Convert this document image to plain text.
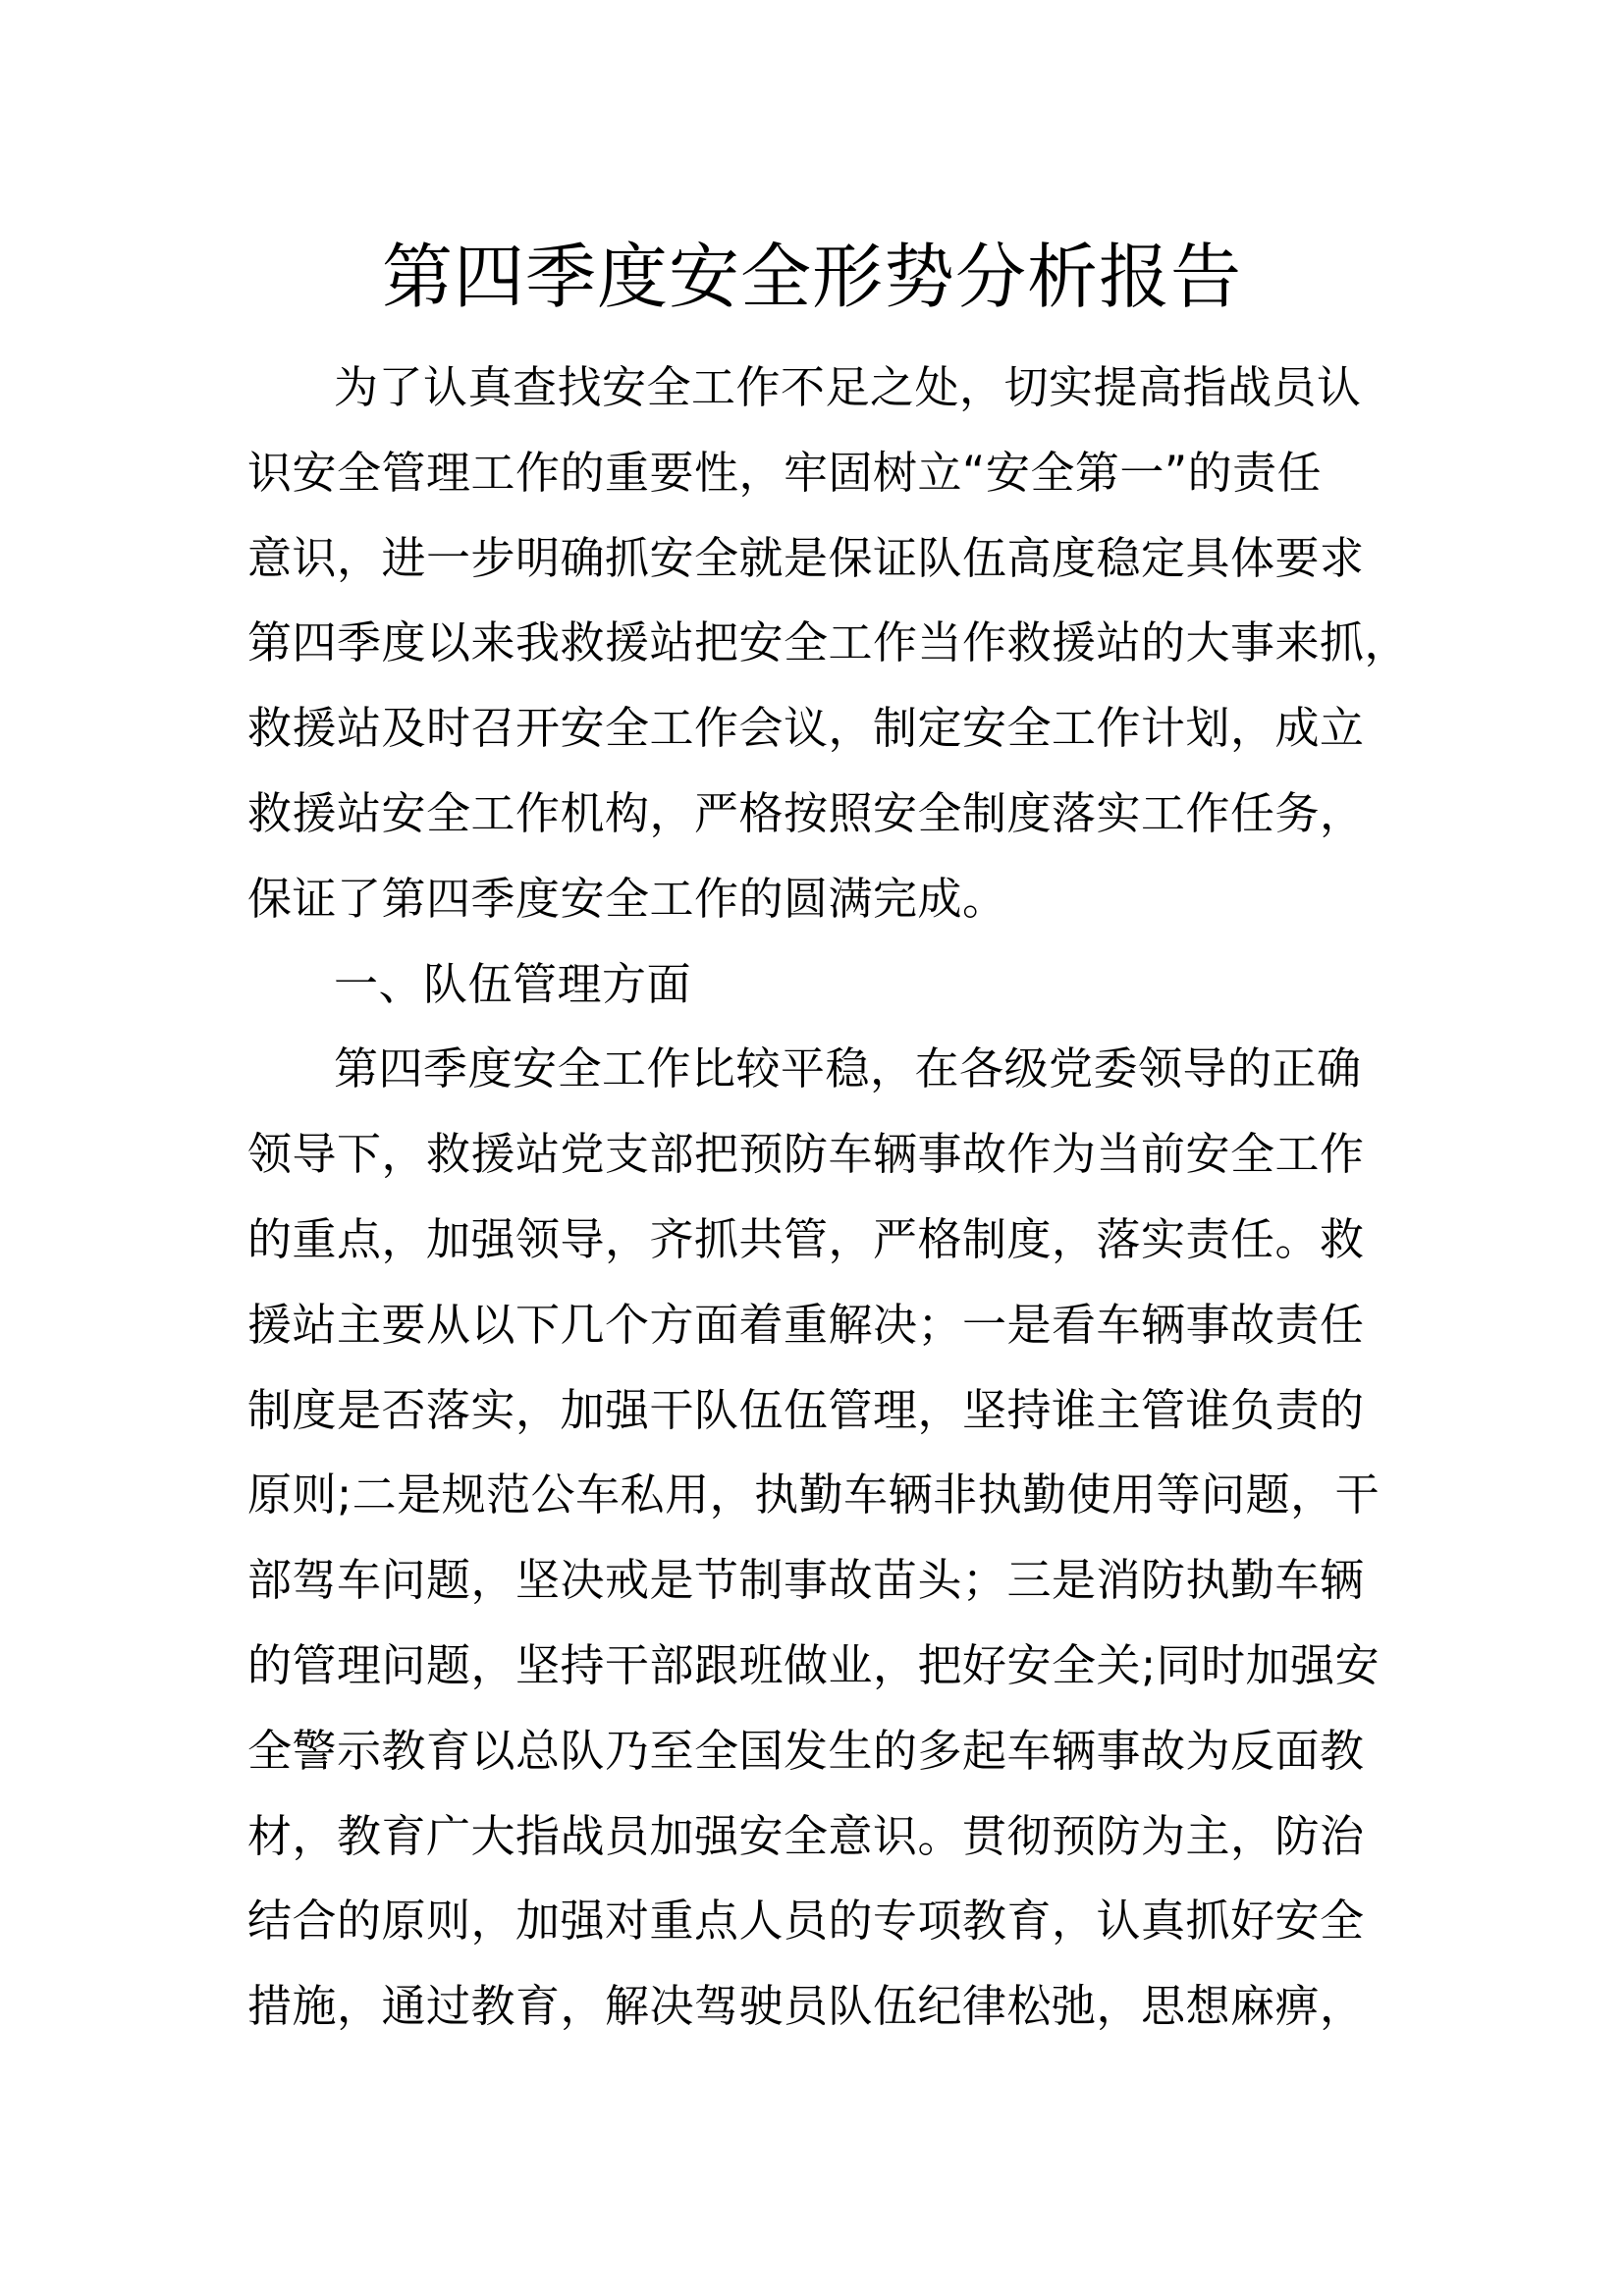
第四季度安全形势分析报告
为了认真查找安全工作不足之处，切实提高指战员认
识安全管理工作的重要性，牢固树立“安全第一”的责任
意识，进一步明确抓安全就是保证队伍高度稳定具体要求
第四季度以来我救援站把安全工作当作救援站的大事来抓，
救援站及时召开安全工作会议，制定安全工作计划，成立
救援站安全工作机构，严格按照安全制度落实工作任务，
保证了第四季度安全工作的圆满完成。
一、队伍管理方面
第四季度安全工作比较平稳，在各级党委领导的正确
领导下，救援站党支部把预防车辆事故作为当前安全工作
的重点，加强领导，齐抓共管，严格制度，落实责任。救
援站主要从以下几个方面着重解决；一是看车辆事故责任
制度是否落实，加强干队伍伍管理，坚持谁主管谁负责的
原则;二是规范公车私用，执勤车辆非执勤使用等问题，干
部驾车问题，坚决戒是节制事故苗头；三是消防执勤车辆
的管理问题，坚持干部跟班做业，把好安全关;同时加强安
全警示教育以总队乃至全国发生的多起车辆事故为反面教
材，教育广大指战员加强安全意识。贯彻预防为主，防治
结合的原则，加强对重点人员的专项教育，认真抓好安全
措施，通过教育，解决驾驶员队伍纪律松弛，思想麻痹，
